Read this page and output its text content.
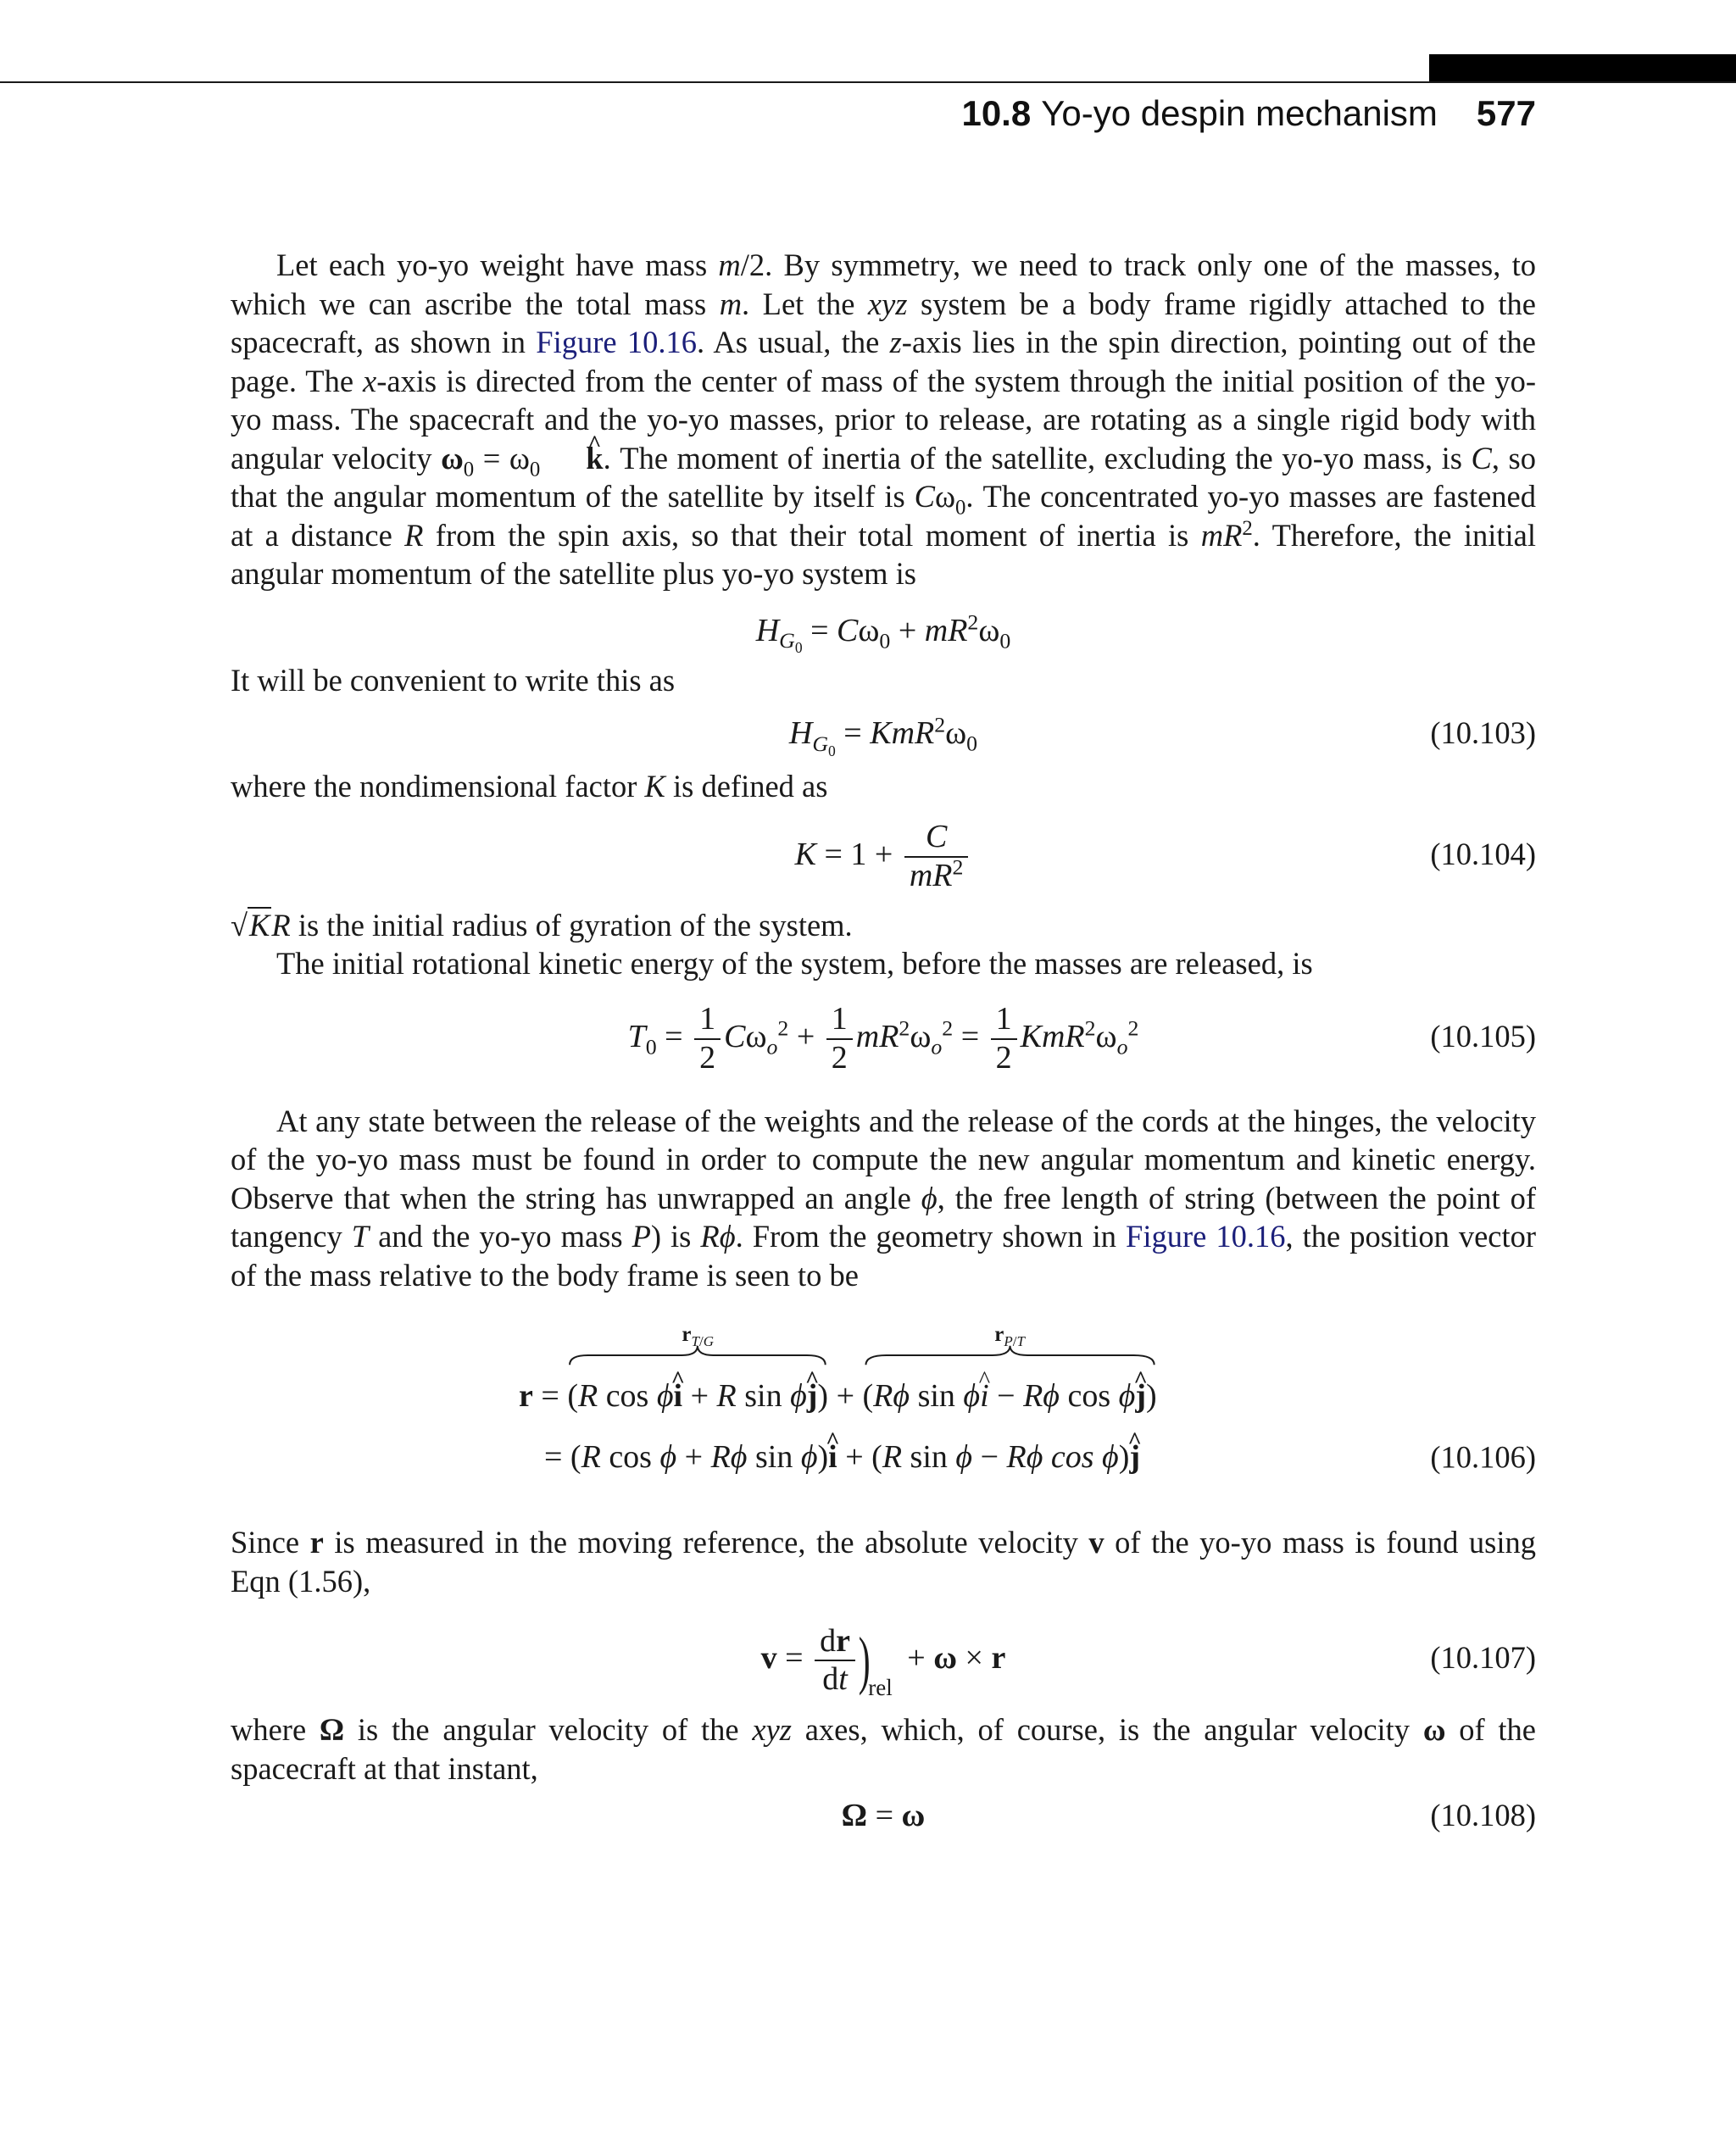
10.8 Yo-yo despin mechanism 577

Let each yo-yo weight have mass m/2. By symmetry, we need to track only one of the masses, to which we can ascribe the total mass m. Let the xyz system be a body frame rigidly attached to the spacecraft, as shown in Figure 10.16. As usual, the z-axis lies in the spin direction, pointing out of the page. The x-axis is directed from the center of mass of the system through the initial position of the yo-yo mass. The spacecraft and the yo-yo masses, prior to release, are rotating as a single rigid body with angular velocity $\omega_0 = \omega_0$ k ^. The moment of inertia of the satellite, excluding the yo-yo mass, is C, so that the angular momentum of the satellite by itself is $C\omega_0$. The concentrated yo-yo masses are fastened at a distance R from the spin axis, so that their total moment of inertia is $mR^2$. Therefore, the initial angular momentum of the satellite plus yo-yo system is

$H_{G_0} = C\omega_0 + mR^2\omega_0$

It will be convenient to write this as

$H_{G_0} = KmR^2\omega_0$	(10.103)

where the nondimensional factor K is defined as

$K = 1 + \frac{C}{mR^2}$	(10.104)

√KR is the initial radius of gyration of the system.

The initial rotational kinetic energy of the system, before the masses are released, is

$T_0 = \frac{1}{2} C\omega_o^2 + \frac{1}{2} mR^2\omega_o^2 = \frac{1}{2} KmR^2\omega_o^2$	(10.105)

At any state between the release of the weights and the release of the cords at the hinges, the velocity of the yo-yo mass must be found in order to compute the new angular momentum and kinetic energy. Observe that when the string has unwrapped an angle ϕ, the free length of string (between the point of tangency T and the yo-yo mass P) is Rϕ. From the geometry shown in Figure 10.16, the position vector of the mass relative to the body frame is seen to be

r =
$r_{T/G}$
(R cos ϕi ^ + R sin ϕj ^) +
$r_{P/T}$
(Rϕ sin ϕi ^ − Rϕ cos ϕj ^)
= (R cos ϕ + Rϕ sin ϕ)i ^ + (R sin ϕ − Rϕ cos ϕ)j ^	(10.106)

Since r is measured in the moving reference, the absolute velocity v of the yo-yo mass is found using Eqn (1.56),

$v = \frac{dr}{dt} )_{rel} + \omega \times r$	(10.107)

where Ω is the angular velocity of the xyz axes, which, of course, is the angular velocity ω of the spacecraft at that instant,

Ω = ω	(10.108)
